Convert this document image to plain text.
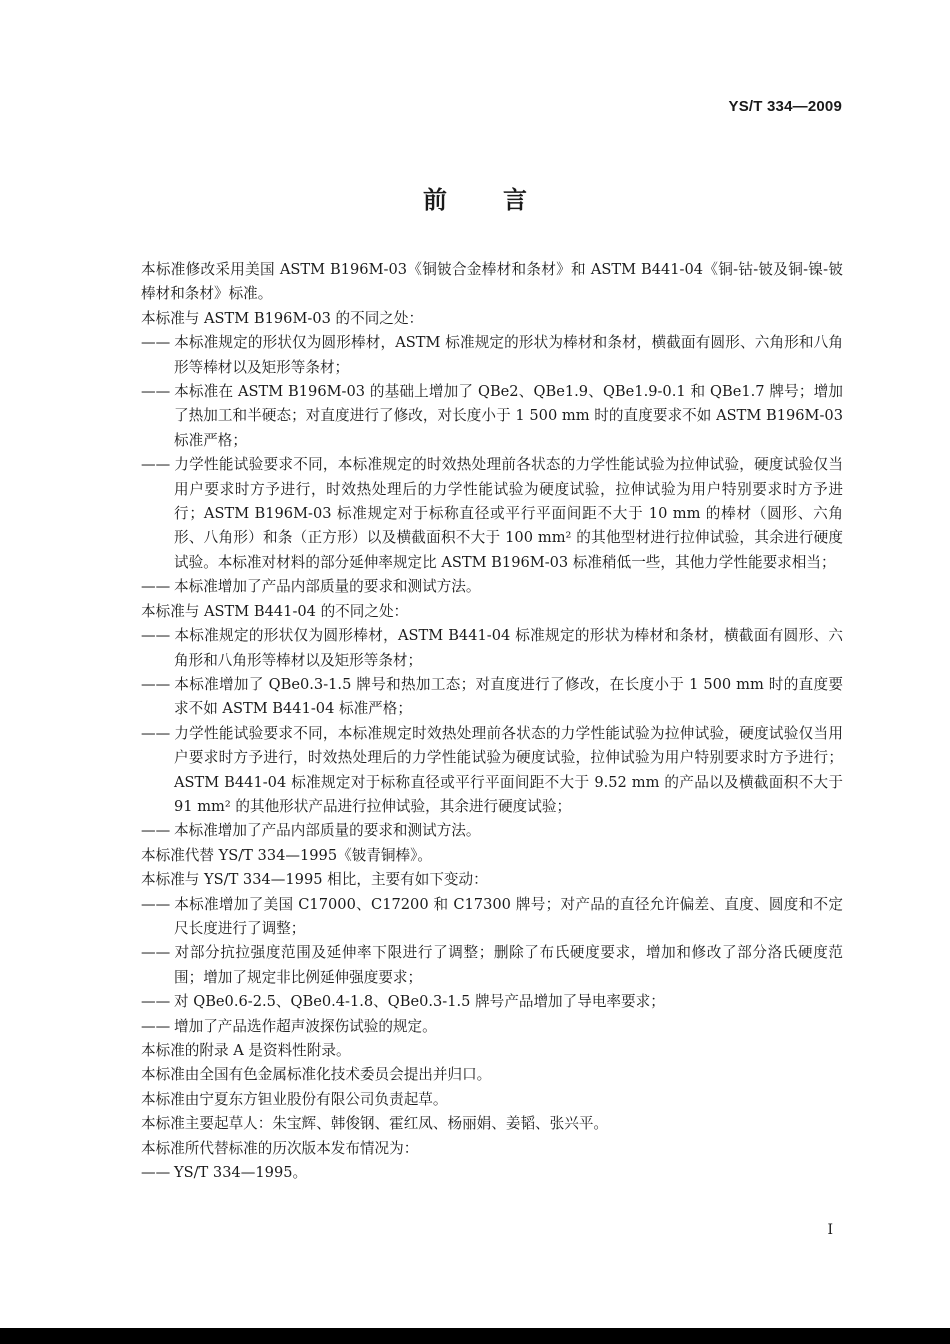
YS/T 334—2009
前言

本标准修改采用美国 ASTM B196M-03《铜铍合金棒材和条材》和 ASTM B441-04《铜-钴-铍及铜-镍-铍棒材和条材》标准。

本标准与 ASTM B196M-03 的不同之处：

—— 本标准规定的形状仅为圆形棒材，ASTM 标准规定的形状为棒材和条材，横截面有圆形、六角形和八角形等棒材以及矩形等条材；

—— 本标准在 ASTM B196M-03 的基础上增加了 QBe2、QBe1.9、QBe1.9-0.1 和 QBe1.7 牌号；增加了热加工和半硬态；对直度进行了修改，对长度小于 1 500 mm 时的直度要求不如 ASTM B196M-03 标准严格；

—— 力学性能试验要求不同，本标准规定的时效热处理前各状态的力学性能试验为拉伸试验，硬度试验仅当用户要求时方予进行，时效热处理后的力学性能试验为硬度试验，拉伸试验为用户特别要求时方予进行；ASTM B196M-03 标准规定对于标称直径或平行平面间距不大于 10 mm 的棒材（圆形、六角形、八角形）和条（正方形）以及横截面积不大于 100 mm² 的其他型材进行拉伸试验，其余进行硬度试验。本标准对材料的部分延伸率规定比 ASTM B196M-03 标准稍低一些，其他力学性能要求相当；

—— 本标准增加了产品内部质量的要求和测试方法。

本标准与 ASTM B441-04 的不同之处：

—— 本标准规定的形状仅为圆形棒材，ASTM B441-04 标准规定的形状为棒材和条材，横截面有圆形、六角形和八角形等棒材以及矩形等条材；

—— 本标准增加了 QBe0.3-1.5 牌号和热加工态；对直度进行了修改，在长度小于 1 500 mm 时的直度要求不如 ASTM B441-04 标准严格；

—— 力学性能试验要求不同，本标准规定时效热处理前各状态的力学性能试验为拉伸试验，硬度试验仅当用户要求时方予进行，时效热处理后的力学性能试验为硬度试验，拉伸试验为用户特别要求时方予进行；ASTM B441-04 标准规定对于标称直径或平行平面间距不大于 9.52 mm 的产品以及横截面积不大于 91 mm² 的其他形状产品进行拉伸试验，其余进行硬度试验；

—— 本标准增加了产品内部质量的要求和测试方法。

本标准代替 YS/T 334—1995《铍青铜棒》。

本标准与 YS/T 334—1995 相比，主要有如下变动：

—— 本标准增加了美国 C17000、C17200 和 C17300 牌号；对产品的直径允许偏差、直度、圆度和不定尺长度进行了调整；

—— 对部分抗拉强度范围及延伸率下限进行了调整；删除了布氏硬度要求，增加和修改了部分洛氏硬度范围；增加了规定非比例延伸强度要求；

—— 对 QBe0.6-2.5、QBe0.4-1.8、QBe0.3-1.5 牌号产品增加了导电率要求；

—— 增加了产品选作超声波探伤试验的规定。

本标准的附录 A 是资料性附录。

本标准由全国有色金属标准化技术委员会提出并归口。

本标准由宁夏东方钽业股份有限公司负责起草。

本标准主要起草人：朱宝辉、韩俊钢、霍红凤、杨丽娟、姜韬、张兴平。

本标准所代替标准的历次版本发布情况为：

—— YS/T 334—1995。

I
